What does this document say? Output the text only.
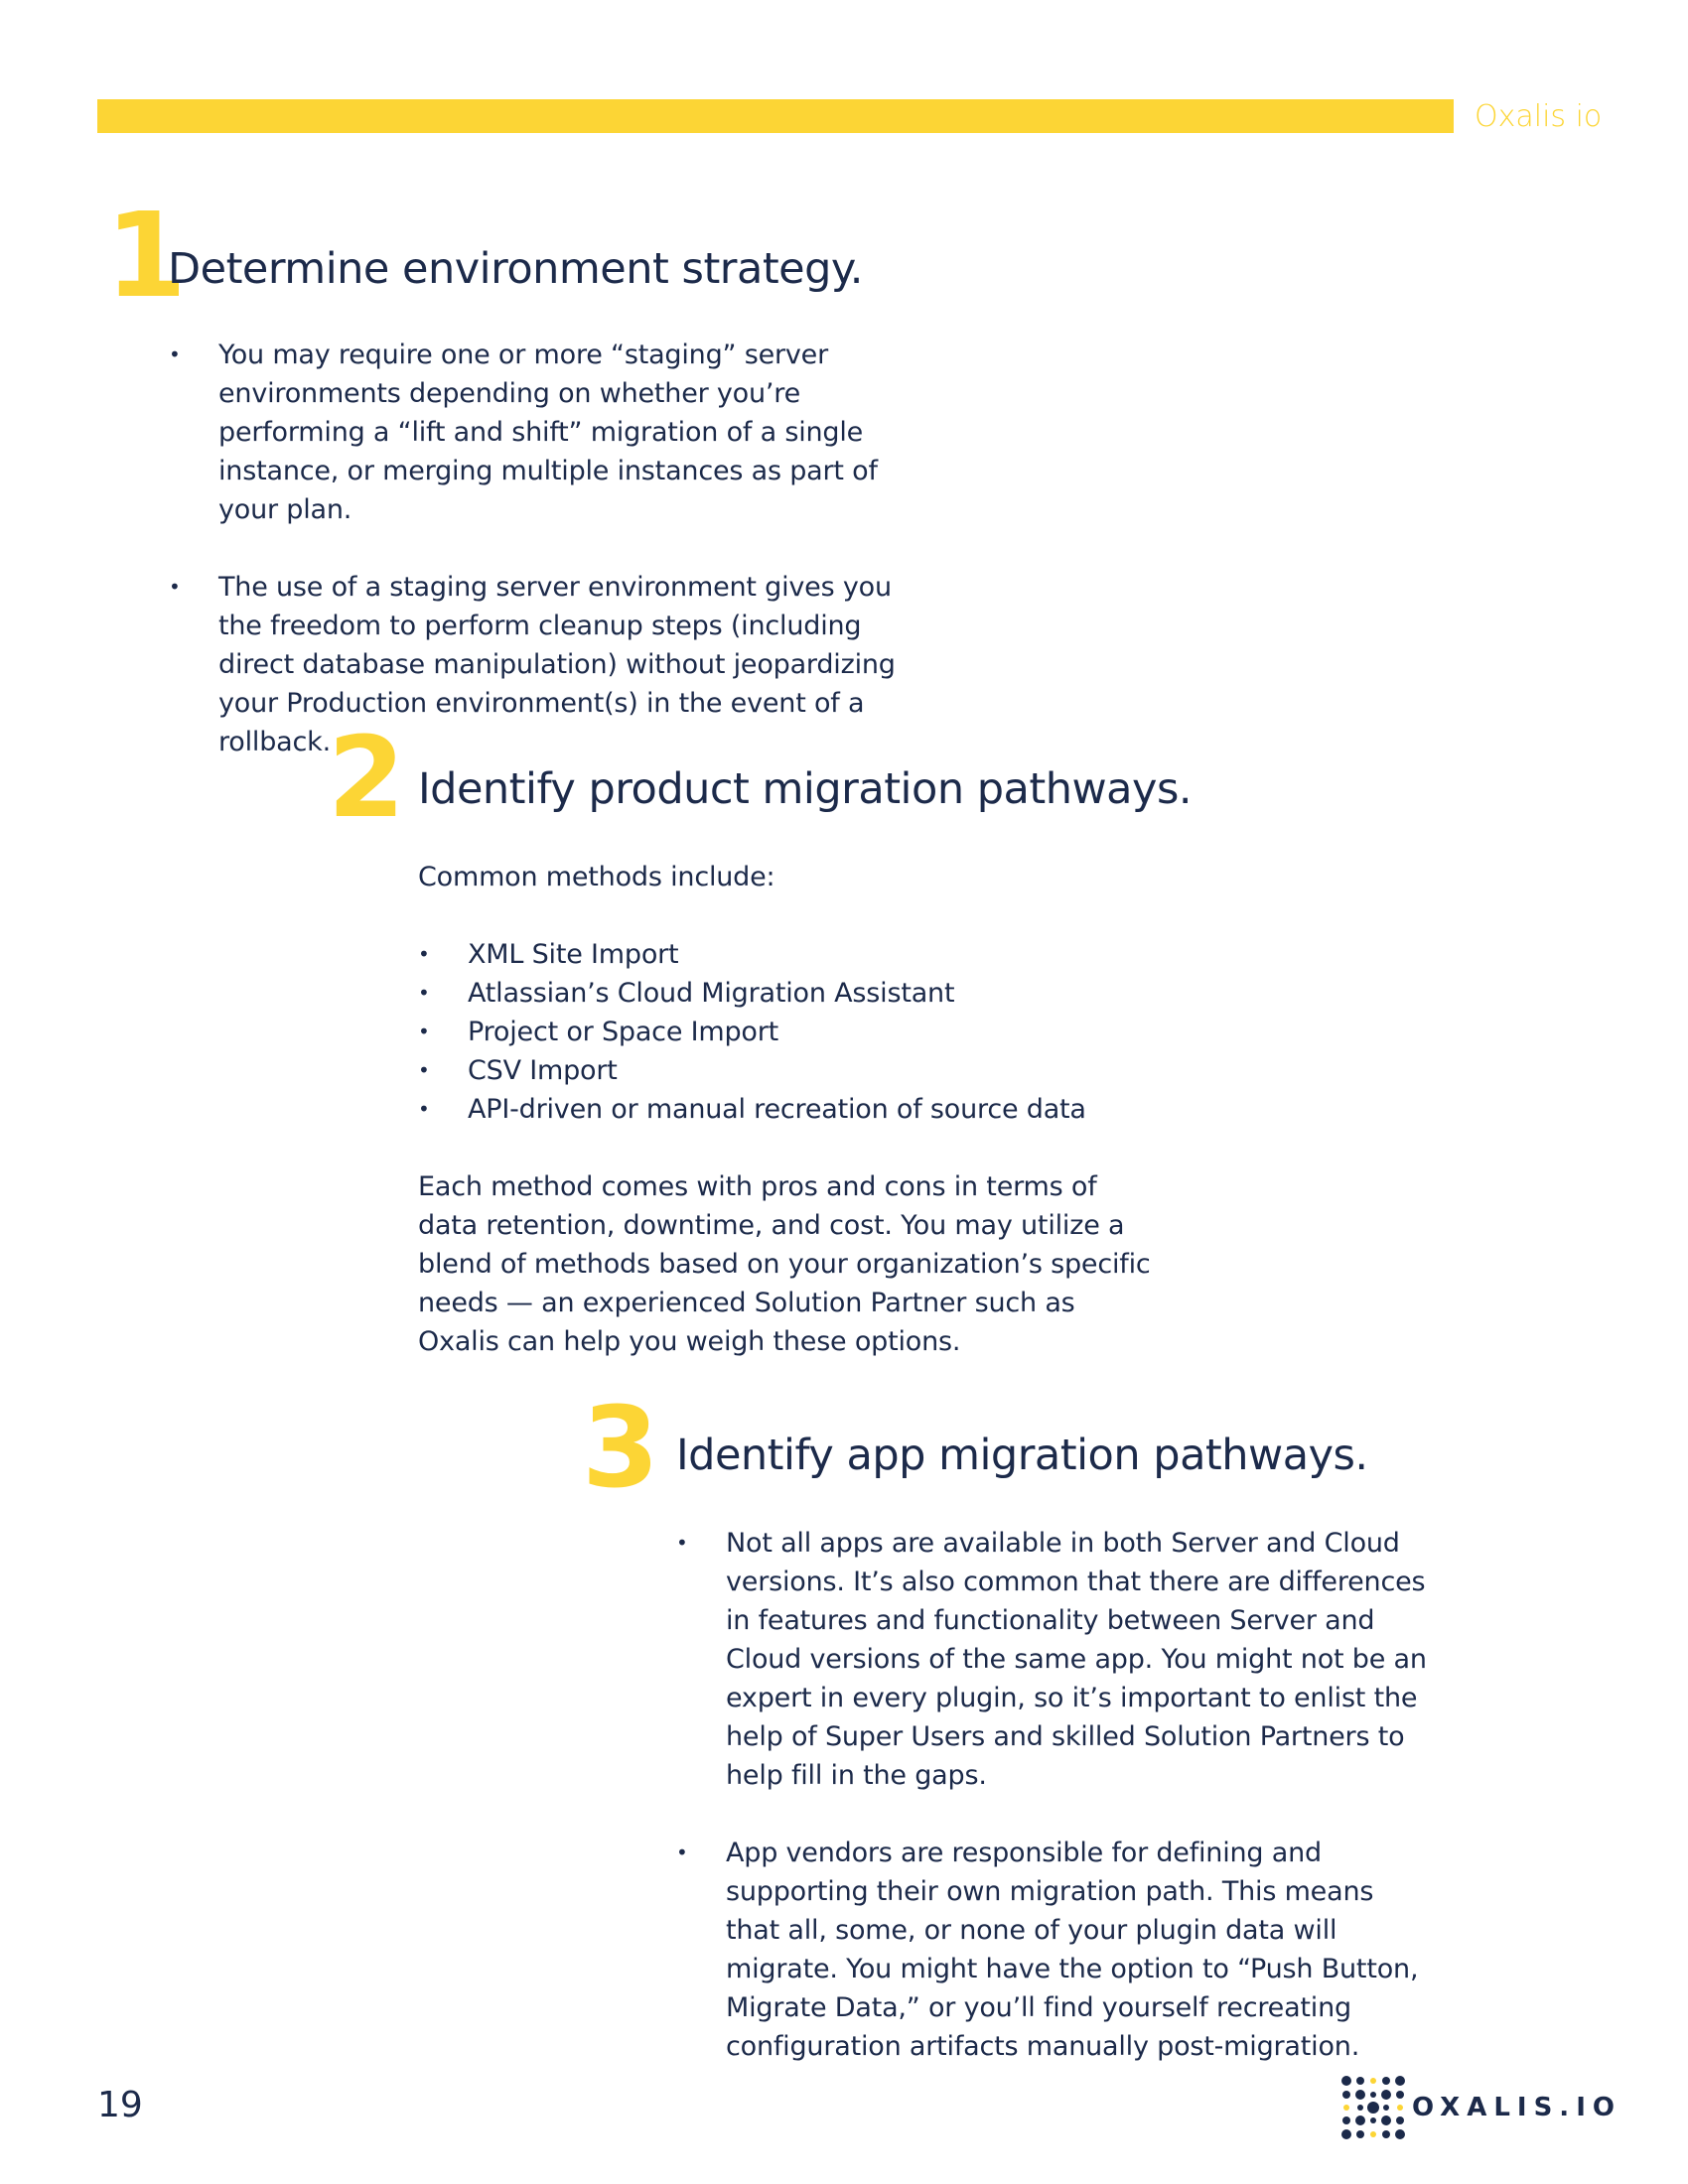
Oxalis io
1
Determine environment strategy.
•	You may require one or more “staging” server environments depending on whether you’re performing a “lift and shift” migration of a single instance, or merging multiple instances as part of your plan.
•	The use of a staging server environment gives you the freedom to perform cleanup steps (including direct database manipulation) without jeopardizing your Production environment(s) in the event of a rollback.
2 Identify product migration pathways.

Common methods include:

•	XML Site Import
•	Atlassian’s Cloud Migration Assistant
•	Project or Space Import
•	CSV Import
•	API-driven or manual recreation of source data

Each method comes with pros and cons in terms of data retention, downtime, and cost. You may utilize a blend of methods based on your organization’s specific needs — an experienced Solution Partner such as Oxalis can help you weigh these options.

3 Identify app migration pathways.
•	Not all apps are available in both Server and Cloud versions. It’s also common that there are differences in features and functionality between Server and Cloud versions of the same app. You might not be an expert in every plugin, so it’s important to enlist the help of Super Users and skilled Solution Partners to help fill in the gaps.
•	App vendors are responsible for defining and supporting their own migration path. This means that all, some, or none of your plugin data will migrate. You might have the option to “Push Button, Migrate Data,” or you’ll find yourself recreating configuration artifacts manually post-migration.
19	OXALIS.IO
